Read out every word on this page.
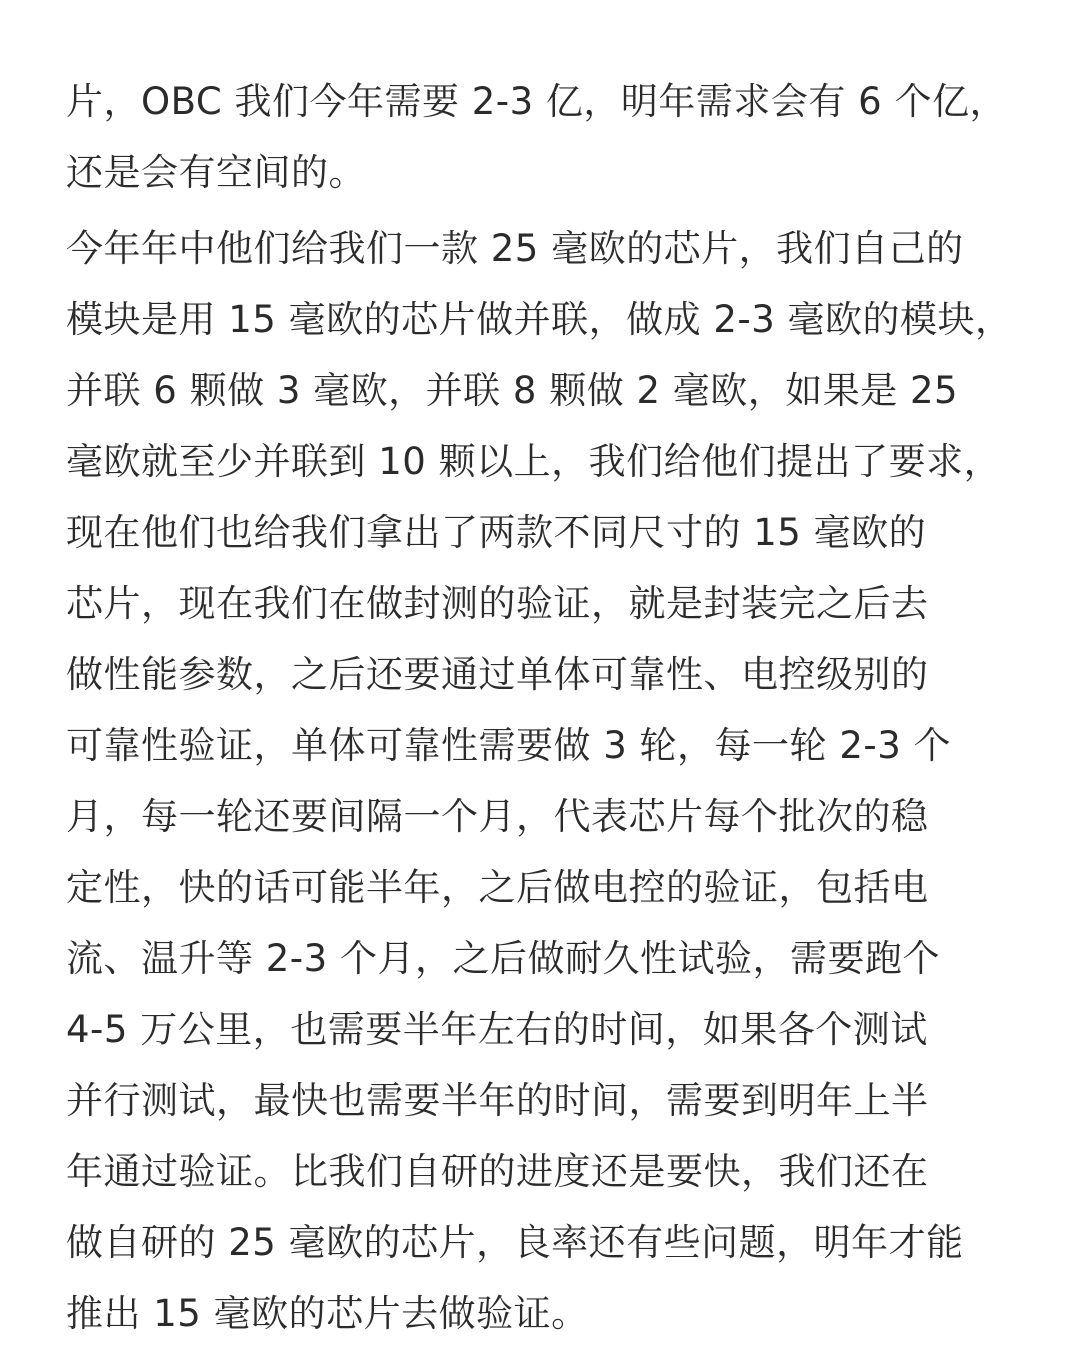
片，OBC 我们今年需要 2-3 亿，明年需求会有 6 个亿，
还是会有空间的。

今年年中他们给我们一款 25 毫欧的芯片，我们自己的
模块是用 15 毫欧的芯片做并联，做成 2-3 毫欧的模块，
并联 6 颗做 3 毫欧，并联 8 颗做 2 毫欧，如果是 25
毫欧就至少并联到 10 颗以上，我们给他们提出了要求，
现在他们也给我们拿出了两款不同尺寸的 15 毫欧的
芯片，现在我们在做封测的验证，就是封装完之后去
做性能参数，之后还要通过单体可靠性、电控级别的
可靠性验证，单体可靠性需要做 3 轮，每一轮 2-3 个
月，每一轮还要间隔一个月，代表芯片每个批次的稳
定性，快的话可能半年，之后做电控的验证，包括电
流、温升等 2-3 个月，之后做耐久性试验，需要跑个
4-5 万公里，也需要半年左右的时间，如果各个测试
并行测试，最快也需要半年的时间，需要到明年上半
年通过验证。比我们自研的进度还是要快，我们还在
做自研的 25 毫欧的芯片，良率还有些问题，明年才能
推出 15 毫欧的芯片去做验证。
